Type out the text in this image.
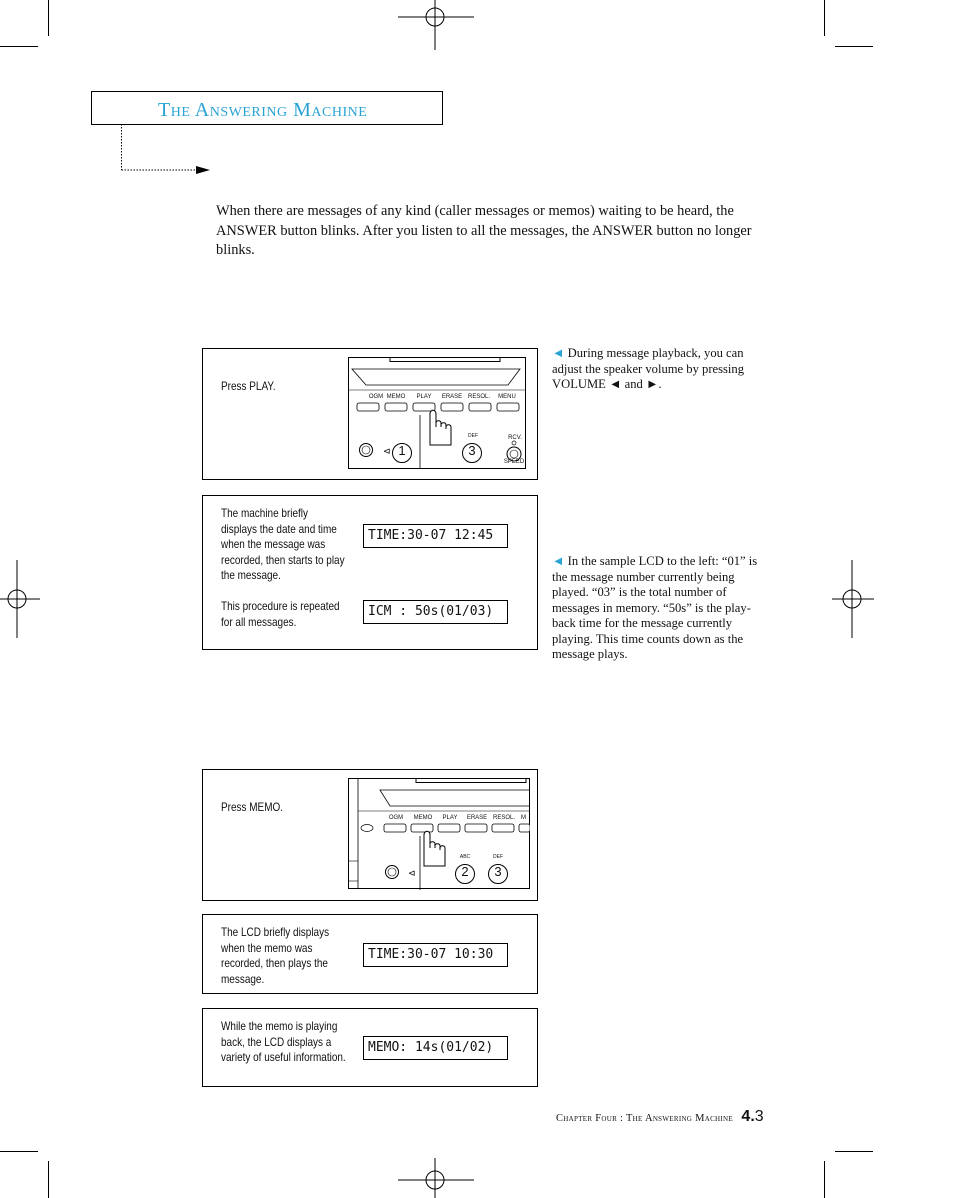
The Answering Machine
When there are messages of any kind (caller messages or memos) waiting to be heard, the ANSWER button blinks. After you listen to all the messages, the ANSWER button no longer blinks.
Press PLAY.
⊲
OGM MEMO	PLAY	ERASE RESOL.	MENU
1	3
DEF	RCV.
SPEED
The machine briefly displays the date and time when the message was recorded, then starts to play the message.
This procedure is repeated for all messages.
TIME:30-07 12:45
ICM : 50s(01/03)
◄ During message playback, you can adjust the speaker volume by pressing VOLUME ◄ and ►.
◄ In the sample LCD to the left: “01” is the message number currently being played. “03” is the total number of messages in memory. “50s” is the play-back time for the message currently playing. This time counts down as the message plays.
Press MEMO.
⊲
OGM	MEMO	PLAY	ERASE RESOL.	M
ABC	DEF
2 3
The LCD briefly displays when the memo was recorded, then plays the message.
TIME:30-07 10:30
While the memo is playing back, the LCD displays a variety of useful information.
MEMO: 14s(01/02)
Chapter Four : The Answering Machine 4.3
